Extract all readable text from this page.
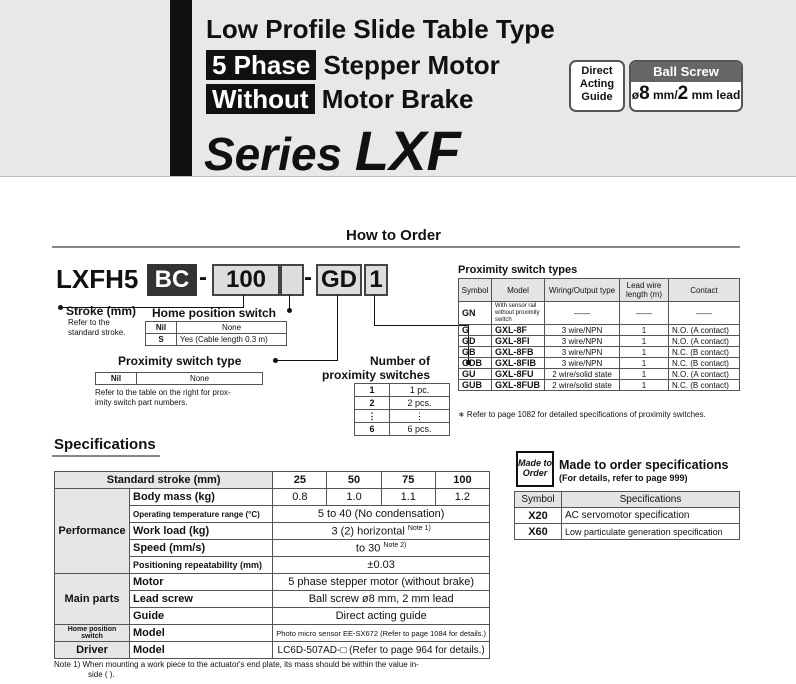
Low Profile Slide Table Type
5 Phase Stepper Motor
Without Motor Brake
Series LXF
Direct
Acting
Guide
Ball Screw
ø8 mm/2 mm lead
How to Order
LXFH5 BC - 100	- GD 1
Stroke (mm)
Refer to the
standard stroke.
Home position switch
Nil	None
S	Yes (Cable length 0.3 m)
Proximity switch type
Nil	None
Refer to the table on the right for prox-
imity switch part numbers.
Number of
proximity switches
1	1 pc.
2	2 pcs.
⋮	⋮
6	6 pcs.
Proximity switch types
Symbol	Model	Wiring/Output type	Lead wire length (m)	Contact
GN	With sensor rail without proximity switch	——	——	——
G	GXL-8F	3 wire/NPN	1	N.O. (A contact)
GD	GXL-8FI	3 wire/NPN	1	N.O. (A contact)
GB	GXL-8FB	3 wire/NPN	1	N.C. (B contact)
GDB	GXL-8FIB	3 wire/NPN	1	N.C. (B contact)
GU	GXL-8FU	2 wire/solid state	1	N.O. (A contact)
GUB	GXL-8FUB	2 wire/solid state	1	N.C. (B contact)
∗ Refer to page 1082 for detailed specifications of proximity switches.
Specifications
Standard stroke (mm)		25	50	75	100
Performance	Body mass (kg)	0.8	1.0	1.1	1.2
	Operating temperature range (°C)	5 to 40 (No condensation)			
	Work load (kg)	3 (2) horizontal $^{Note 1)}$
	Speed (mm/s)	to 30 $^{Note 2)}$
	Positioning repeatability (mm)	±0.03			
Main parts	Motor	5 phase stepper motor (without brake)			
	Lead screw	Ball screw ø8 mm, 2 mm lead			
	Guide	Direct acting guide			
Home position switch	Model	Photo micro sensor EE-SX672 (Refer to page 1084 for details.)			
Driver	Model	LC6D-507AD-□ (Refer to page 964 for details.)			
Note 1) When mounting a work piece to the actuator's end plate, its mass should be within the value in-
side ( ).
Made to
Order
Made to order specifications
(For details, refer to page 999)
Symbol	Specifications
X20	AC servomotor specification
X60	Low particulate generation specification
